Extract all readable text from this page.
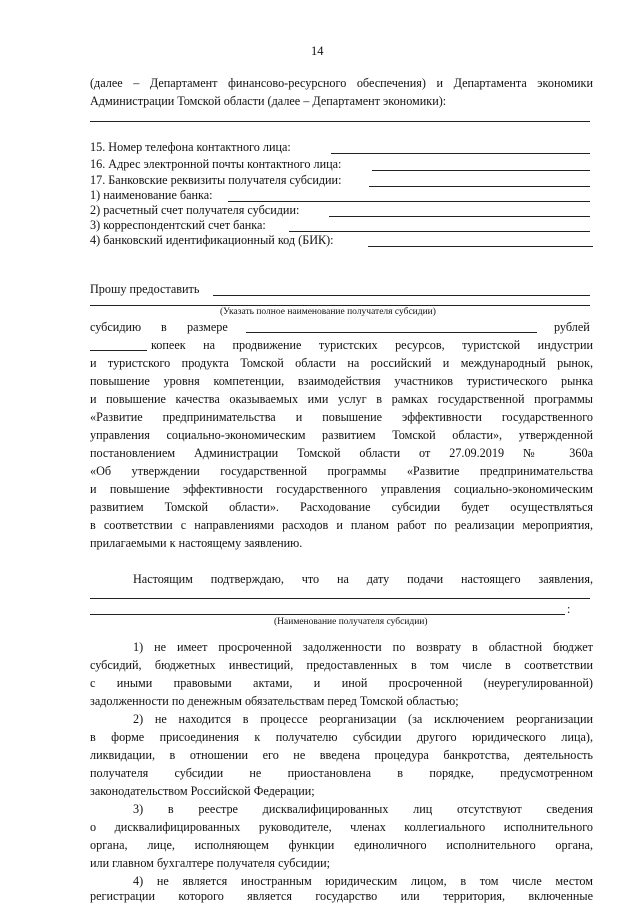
14
(далее – Департамент финансово-ресурсного обеспечения) и Департамента экономики
Администрации Томской области (далее – Департамент экономики):
15. Номер телефона контактного лица:
16. Адрес электронной почты контактного лица:
17. Банковские реквизиты получателя субсидии:
1) наименование банка:
2) расчетный счет получателя субсидии:
3) корреспондентский счет банка:
4) банковский идентификационный код (БИК):
Прошу предоставить
(Указать полное наименование получателя субсидии)
субсидию в размере	рублей
копеек на продвижение туристских ресурсов, туристской индустрии
и туристского продукта Томской области на российский и международный рынок,
повышение уровня компетенции, взаимодействия участников туристического рынка
и повышение качества оказываемых ими услуг в рамках государственной программы
«Развитие предпринимательства и повышение эффективности государственного
управления социально-экономическим развитием Томской области», утвержденной
постановлением Администрации Томской области от 27.09.2019 № 360а
«Об утверждении государственной программы «Развитие предпринимательства
и повышение эффективности государственного управления социально-экономическим
развитием Томской области». Расходование субсидии будет осуществляться
в соответствии с направлениями расходов и планом работ по реализации мероприятия,
прилагаемыми к настоящему заявлению.
Настоящим подтверждаю, что на дату подачи настоящего заявления,
:
(Наименование получателя субсидии)
1) не имеет просроченной задолженности по возврату в областной бюджет
субсидий, бюджетных инвестиций, предоставленных в том числе в соответствии
с иными правовыми актами, и иной просроченной (неурегулированной)
задолженности по денежным обязательствам перед Томской областью;
2) не находится в процессе реорганизации (за исключением реорганизации
в форме присоединения к получателю субсидии другого юридического лица),
ликвидации, в отношении его не введена процедура банкротства, деятельность
получателя субсидии не приостановлена в порядке, предусмотренном
законодательством Российской Федерации;
3) в реестре дисквалифицированных лиц отсутствуют сведения
о дисквалифицированных руководителе, членах коллегиального исполнительного
органа, лице, исполняющем функции единоличного исполнительного органа,
или главном бухгалтере получателя субсидии;
4) не является иностранным юридическим лицом, в том числе местом
регистрации которого является государство или территория, включенные
